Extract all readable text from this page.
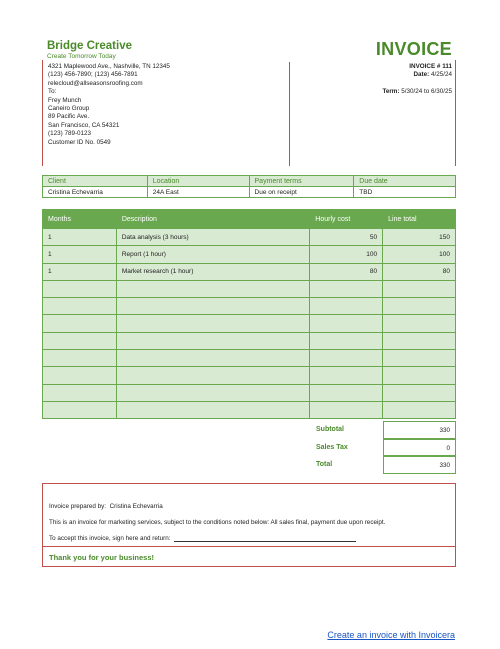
Bridge Creative
Create Tomorrow Today	INVOICE
4321 Maplewood Ave., Nashville, TN 12345
(123) 456-7890; (123) 456-7891
relecloud@allseasonsroofing.com
To:
Frey Munch
Caneiro Group
89 Pacific Ave.
San Francisco, CA 54321
(123) 789-0123
Customer ID No. 0549
INVOICE # 111
Date: 4/25/24
Term: 5/30/24 to 6/30/25
Client	Location	Payment terms	Due date
Cristina Echevarria	24A East	Due on receipt	TBD
Months	Description	Hourly cost	Line total
1	Data analysis (3 hours)	50	150
1	Report (1 hour)	100	100
1	Market research (1 hour)	80	80

Subtotal	330
Sales Tax	0
Total	330
Invoice prepared by: Cristina Echevarria
This is an invoice for marketing services, subject to the conditions noted below: All sales final, payment due upon receipt.
To accept this invoice, sign here and return:
Thank you for your business!
Create an invoice with Invoicera
